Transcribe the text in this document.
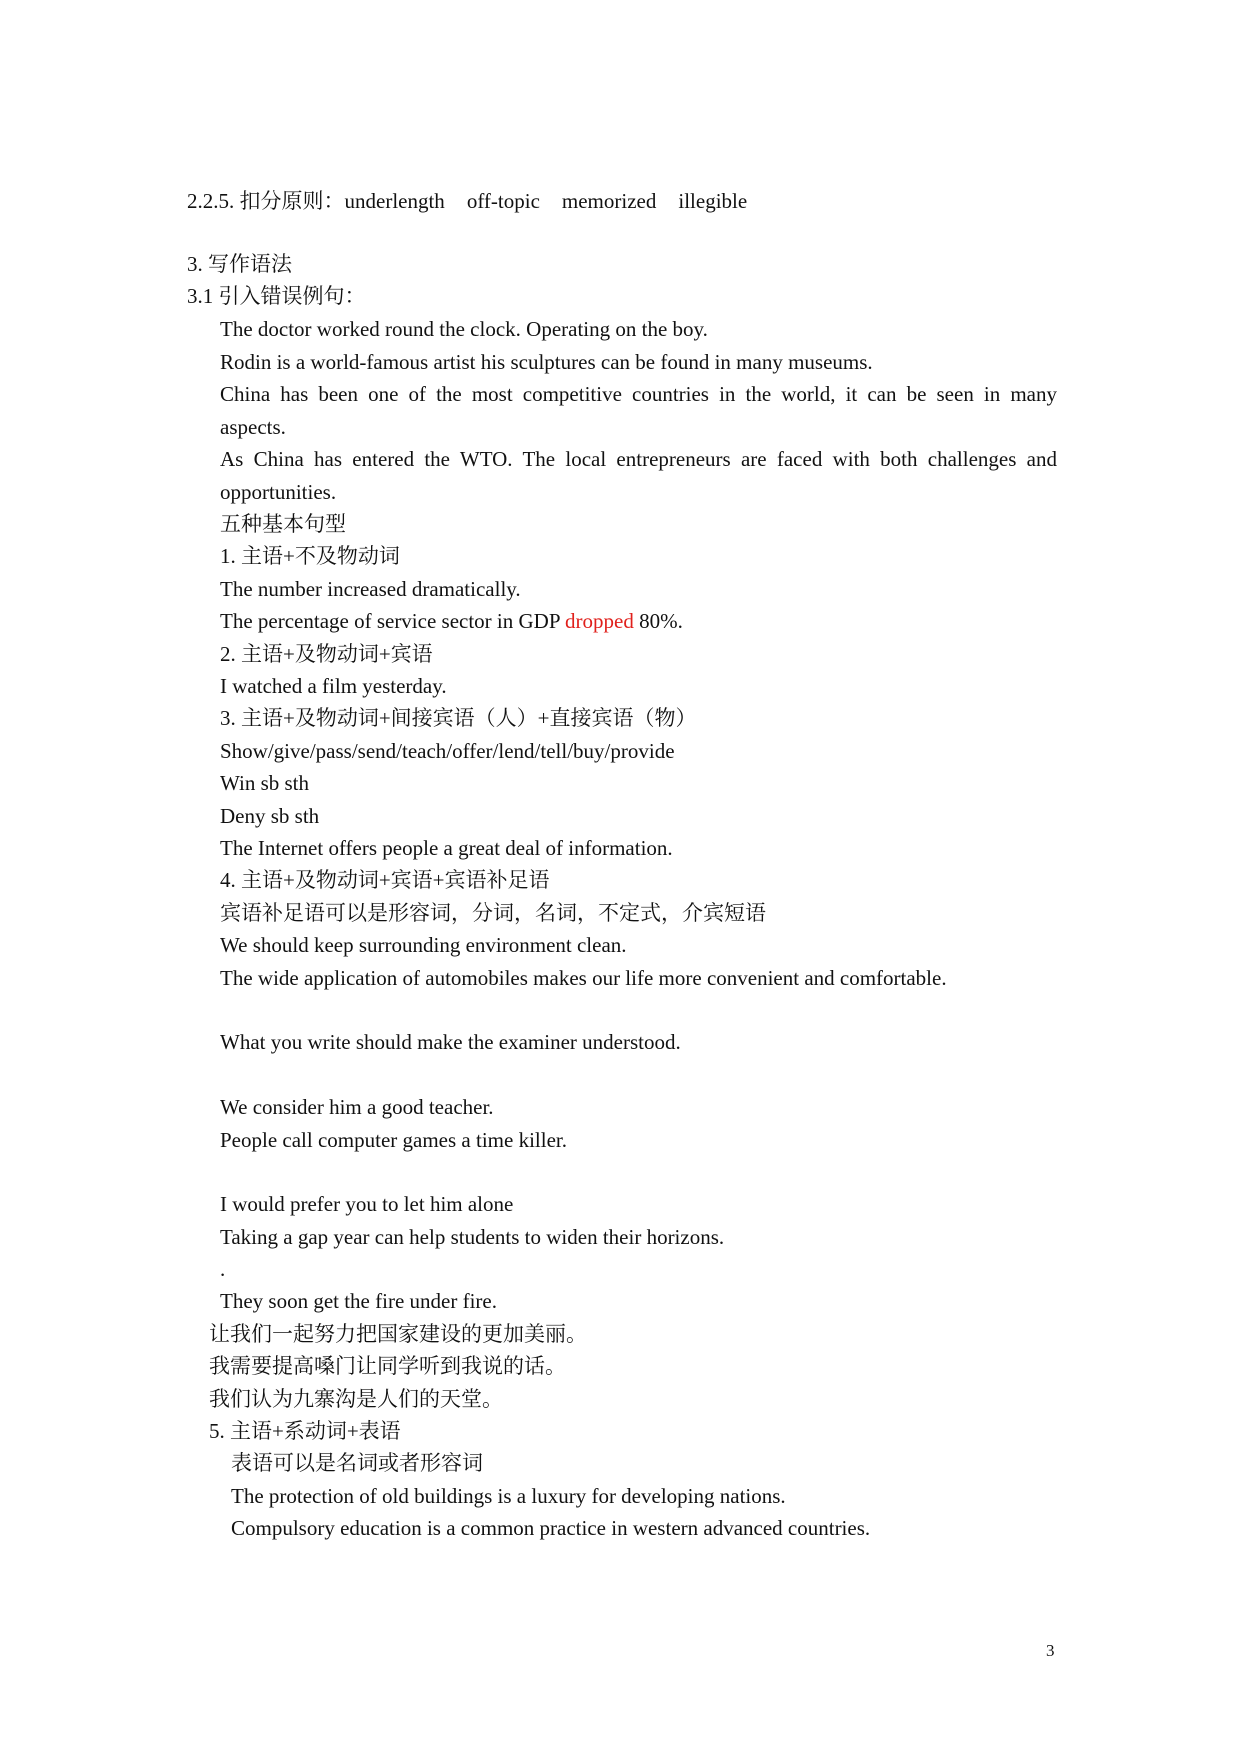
2.2.5. 扣分原则：underlength off-topic memorized illegible
3. 写作语法
3.1 引入错误例句：
The doctor worked round the clock. Operating on the boy.
Rodin is a world-famous artist his sculptures can be found in many museums.
China has been one of the most competitive countries in the world, it can be seen in many
aspects.
As China has entered the WTO. The local entrepreneurs are faced with both challenges and
opportunities.
五种基本句型
1. 主语+不及物动词
The number increased dramatically.
The percentage of service sector in GDP dropped 80%.
2. 主语+及物动词+宾语
I watched a film yesterday.
3. 主语+及物动词+间接宾语（人）+直接宾语（物）
Show/give/pass/send/teach/offer/lend/tell/buy/provide
Win sb sth
Deny sb sth
The Internet offers people a great deal of information.
4. 主语+及物动词+宾语+宾语补足语
宾语补足语可以是形容词，分词，名词，不定式，介宾短语
We should keep surrounding environment clean.
The wide application of automobiles makes our life more convenient and comfortable.
What you write should make the examiner understood.
We consider him a good teacher.
People call computer games a time killer.
I would prefer you to let him alone
Taking a gap year can help students to widen their horizons.
.
They soon get the fire under fire.
让我们一起努力把国家建设的更加美丽。
我需要提高嗓门让同学听到我说的话。
我们认为九寨沟是人们的天堂。
5. 主语+系动词+表语
表语可以是名词或者形容词
The protection of old buildings is a luxury for developing nations.
Compulsory education is a common practice in western advanced countries.
3
